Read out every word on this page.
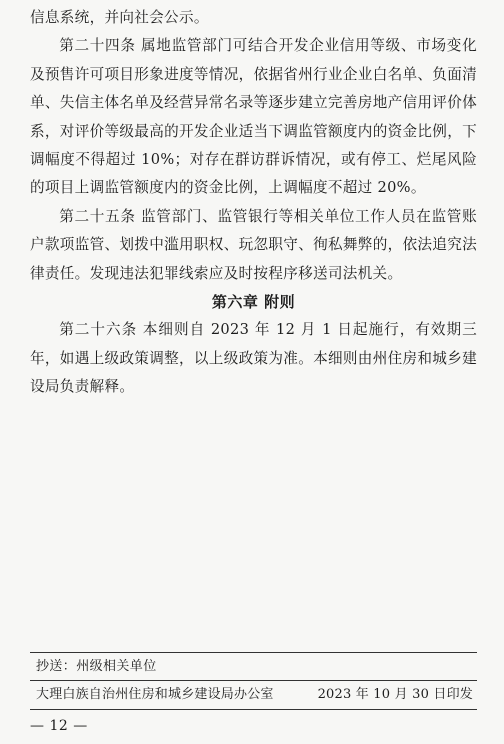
信息系统，并向社会公示。

第二十四条 属地监管部门可结合开发企业信用等级、市场变化及预售许可项目形象进度等情况，依据省州行业企业白名单、负面清单、失信主体名单及经营异常名录等逐步建立完善房地产信用评价体系，对评价等级最高的开发企业适当下调监管额度内的资金比例，下调幅度不得超过 10%；对存在群访群诉情况，或有停工、烂尾风险的项目上调监管额度内的资金比例，上调幅度不超过 20%。

第二十五条 监管部门、监管银行等相关单位工作人员在监管账户款项监管、划拨中滥用职权、玩忽职守、徇私舞弊的，依法追究法律责任。发现违法犯罪线索应及时按程序移送司法机关。

第六章 附则

第二十六条 本细则自 2023 年 12 月 1 日起施行，有效期三年，如遇上级政策调整，以上级政策为准。本细则由州住房和城乡建设局负责解释。

抄送：州级相关单位
大理白族自治州住房和城乡建设局办公室	2023 年 10 月 30 日印发
— 12 —
